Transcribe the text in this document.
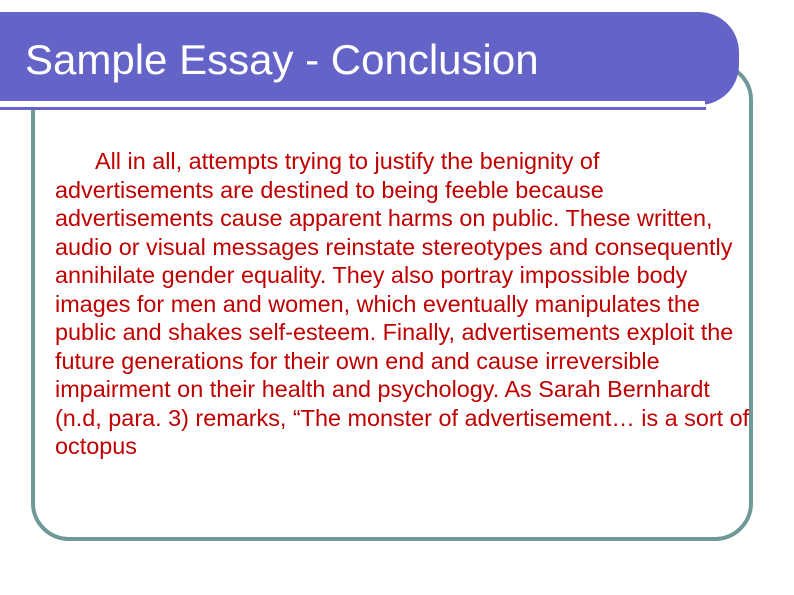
Sample Essay - Conclusion

All in all, attempts trying to justify the benignity of advertisements are destined to being feeble because advertisements cause apparent harms on public. These written, audio or visual messages reinstate stereotypes and consequently annihilate gender equality. They also portray impossible body images for men and women, which eventually manipulates the public and shakes self-esteem. Finally, advertisements exploit the future generations for their own end and cause irreversible impairment on their health and psychology. As Sarah Bernhardt (n.d, para. 3) remarks, “The monster of advertisement… is a sort of octopus
